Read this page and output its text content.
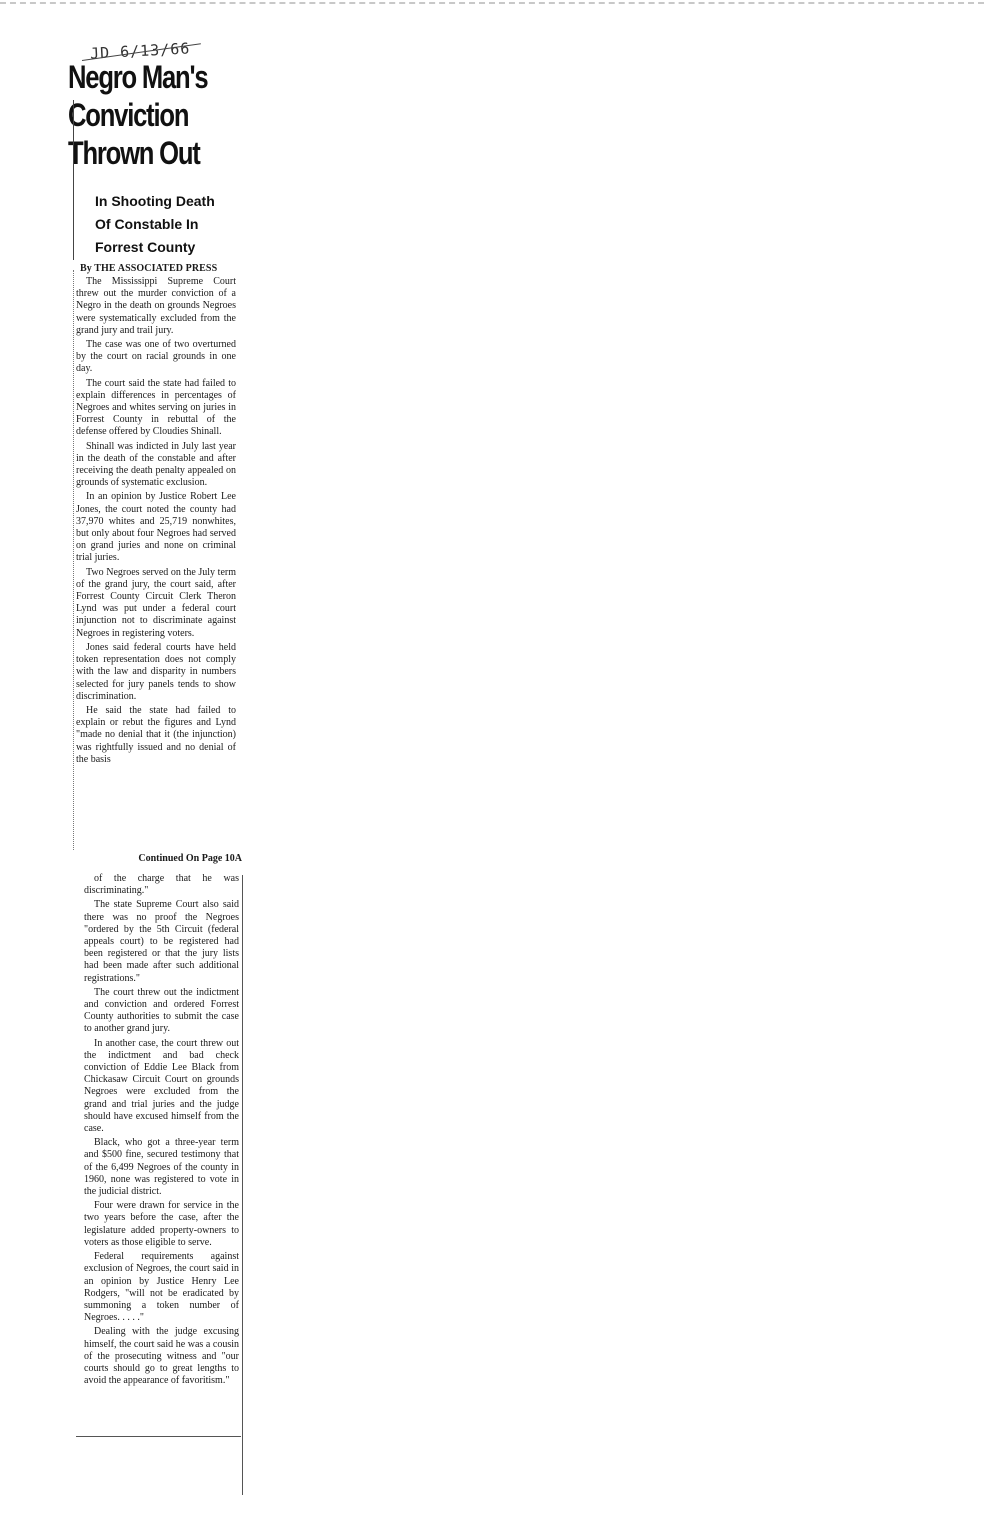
JD 6/13/66
Negro Man's
Conviction
Thrown Out
In Shooting Death
Of Constable In
Forrest County
By THE ASSOCIATED PRESS

The Mississippi Supreme Court threw out the murder conviction of a Negro in the death on grounds Negroes were systematically excluded from the grand jury and trail jury.

The case was one of two overturned by the court on racial grounds in one day.

The court said the state had failed to explain differences in percentages of Negroes and whites serving on juries in Forrest County in rebuttal of the defense offered by Cloudies Shinall.

Shinall was indicted in July last year in the death of the constable and after receiving the death penalty appealed on grounds of systematic exclusion.

In an opinion by Justice Robert Lee Jones, the court noted the county had 37,970 whites and 25,719 nonwhites, but only about four Negroes had served on grand juries and none on criminal trial juries.

Two Negroes served on the July term of the grand jury, the court said, after Forrest County Circuit Clerk Theron Lynd was put under a federal court injunction not to discriminate against Negroes in registering voters.

Jones said federal courts have held token representation does not comply with the law and disparity in numbers selected for jury panels tends to show discrimination.

He said the state had failed to explain or rebut the figures and Lynd "made no denial that it (the injunction) was rightfully issued and no denial of the basis

Continued On Page 10A

of the charge that he was discriminating."

The state Supreme Court also said there was no proof the Negroes "ordered by the 5th Circuit (federal appeals court) to be registered had been registered or that the jury lists had been made after such additional registrations."

The court threw out the indictment and conviction and ordered Forrest County authorities to submit the case to another grand jury.

In another case, the court threw out the indictment and bad check conviction of Eddie Lee Black from Chickasaw Circuit Court on grounds Negroes were excluded from the grand and trial juries and the judge should have excused himself from the case.

Black, who got a three-year term and $500 fine, secured testimony that of the 6,499 Negroes of the county in 1960, none was registered to vote in the judicial district.

Four were drawn for service in the two years before the case, after the legislature added property-owners to voters as those eligible to serve.

Federal requirements against exclusion of Negroes, the court said in an opinion by Justice Henry Lee Rodgers, "will not be eradicated by summoning a token number of Negroes. . . . ."

Dealing with the judge excusing himself, the court said he was a cousin of the prosecuting witness and "our courts should go to great lengths to avoid the appearance of favoritism."
